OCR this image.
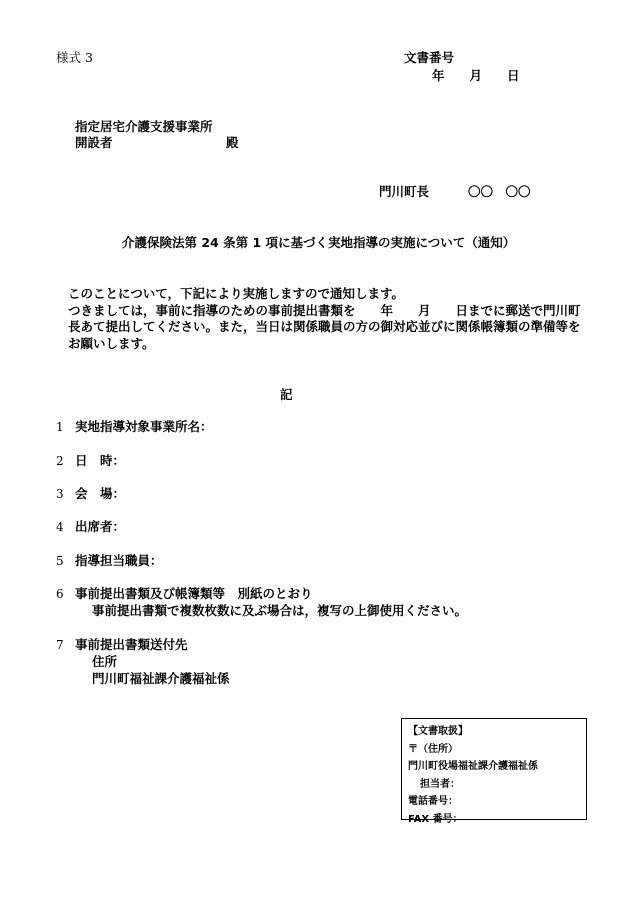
様式 3	文書番号
年　　月　　日
指定居宅介護支援事業所
開設者	殿
門川町長	〇〇　〇〇
介護保険法第 24 条第 1 項に基づく実地指導の実施について（通知）

このことについて，下記により実施しますので通知します。

つきましては，事前に指導のための事前提出書類を　　年　　月　　日までに郵送で門川町長あて提出してください。また，当日は関係職員の方の御対応並びに関係帳簿類の準備等をお願いします。

記
1 実地指導対象事業所名：
2 日　時：
3 会　場：
4 出席者：
5 指導担当職員：
6 事前提出書類及び帳簿類等　別紙のとおり
事前提出書類で複数枚数に及ぶ場合は，複写の上御使用ください。
7 事前提出書類送付先
住所
門川町福祉課介護福祉係
【文書取扱】
〒（住所）
門川町役場福祉課介護福祉係
担当者：
電話番号：
FAX 番号：
